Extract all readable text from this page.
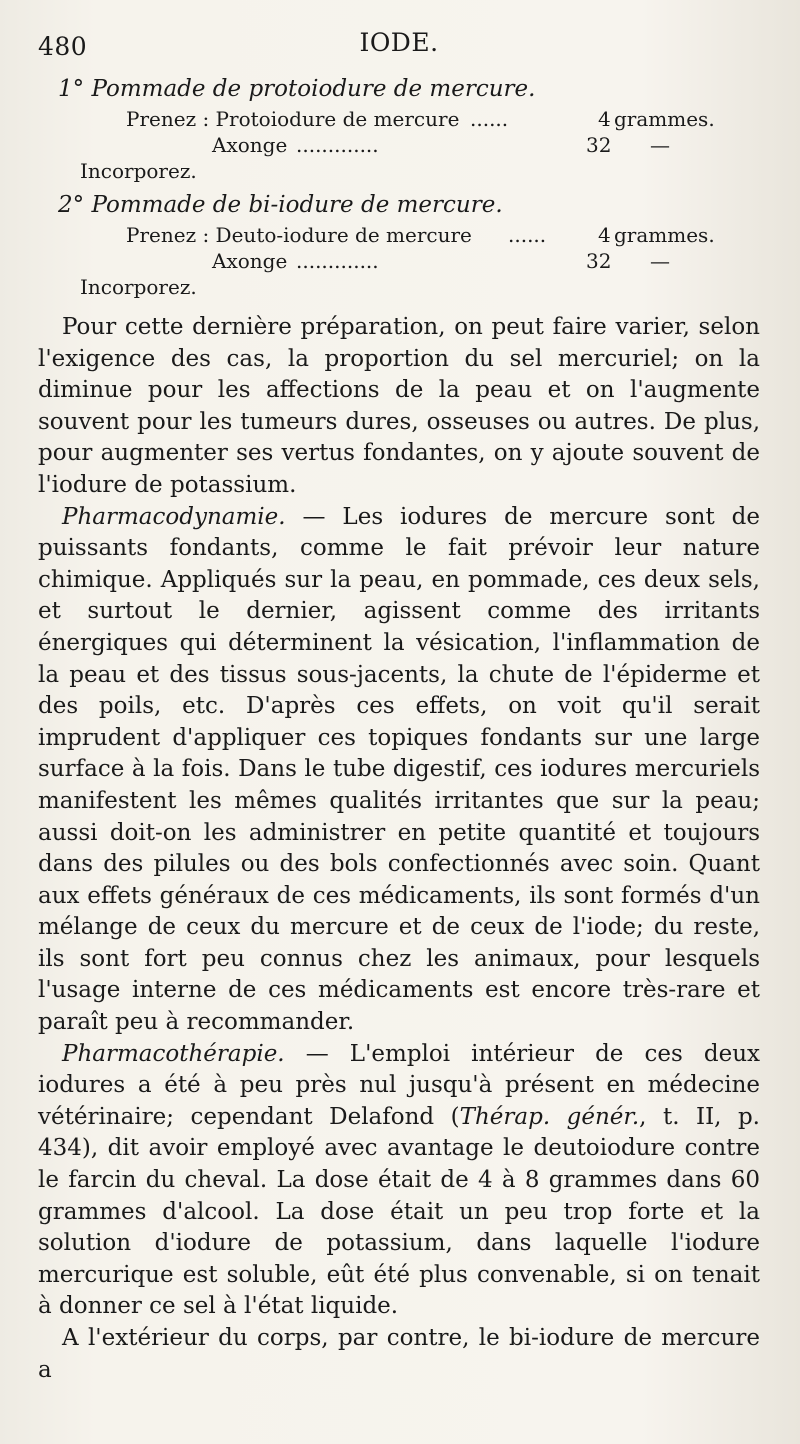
480	IODE.
1° Pommade de protoiodure de mercure.
Prenez : Protoiodure de mercure ......	4 grammes.
Axonge .............	32 —
Incorporez.
2° Pommade de bi-iodure de mercure.
Prenez : Deuto-iodure de mercure ......	4 grammes.
Axonge .............	32 —
Incorporez.

Pour cette dernière préparation, on peut faire varier, selon l'exigence des cas, la proportion du sel mercuriel; on la diminue pour les affections de la peau et on l'augmente souvent pour les tumeurs dures, osseuses ou autres. De plus, pour augmenter ses vertus fondantes, on y ajoute souvent de l'iodure de potassium.

Pharmacodynamie. — Les iodures de mercure sont de puissants fondants, comme le fait prévoir leur nature chimique. Appliqués sur la peau, en pommade, ces deux sels, et surtout le dernier, agissent comme des irritants énergiques qui déterminent la vésication, l'inflammation de la peau et des tissus sous-jacents, la chute de l'épiderme et des poils, etc. D'après ces effets, on voit qu'il serait imprudent d'appliquer ces topiques fondants sur une large surface à la fois. Dans le tube digestif, ces iodures mercuriels manifestent les mêmes qualités irritantes que sur la peau; aussi doit-on les administrer en petite quantité et toujours dans des pilules ou des bols confectionnés avec soin. Quant aux effets généraux de ces médicaments, ils sont formés d'un mélange de ceux du mercure et de ceux de l'iode; du reste, ils sont fort peu connus chez les animaux, pour lesquels l'usage interne de ces médicaments est encore très-rare et paraît peu à recommander.

Pharmacothérapie. — L'emploi intérieur de ces deux iodures a été à peu près nul jusqu'à présent en médecine vétérinaire; cependant Delafond (Thérap. génér., t. II, p. 434), dit avoir employé avec avantage le deutoiodure contre le farcin du cheval. La dose était de 4 à 8 grammes dans 60 grammes d'alcool. La dose était un peu trop forte et la solution d'iodure de potassium, dans laquelle l'iodure mercurique est soluble, eût été plus convenable, si on tenait à donner ce sel à l'état liquide.

A l'extérieur du corps, par contre, le bi-iodure de mercure a
